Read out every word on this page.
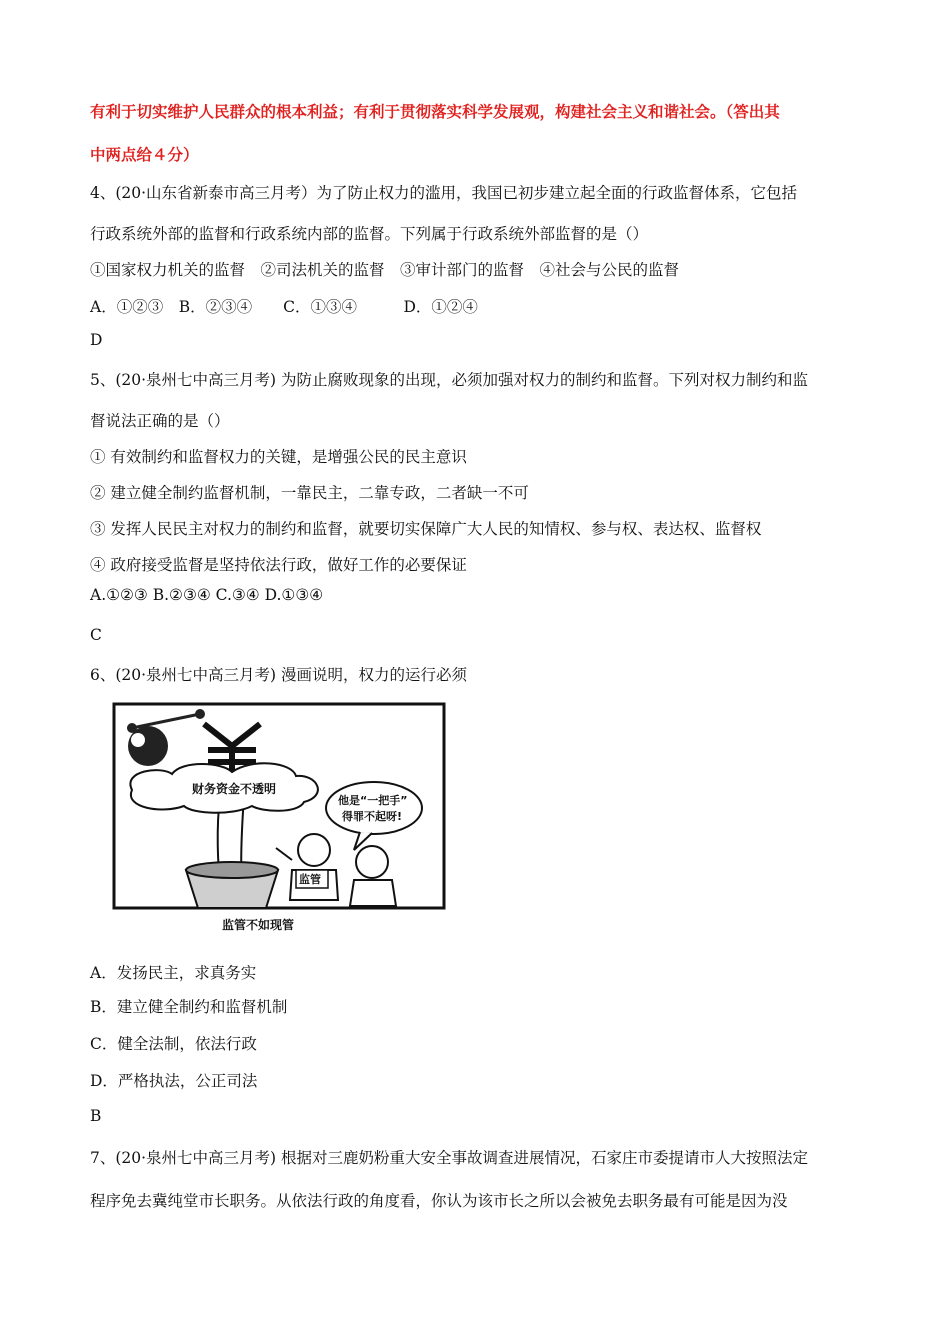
有利于切实维护人民群众的根本利益；有利于贯彻落实科学发展观，构建社会主义和谐社会。（答出其
中两点给４分）
4、(20·山东省新泰市高三月考）为了防止权力的滥用，我国已初步建立起全面的行政监督体系，它包括
行政系统外部的监督和行政系统内部的监督。下列属于行政系统外部监督的是（）
①国家权力机关的监督　②司法机关的监督　③审计部门的监督　④社会与公民的监督
A．①②③　B．②③④　　C．①③④　　　D．①②④
D
5、(20·泉州七中高三月考) 为防止腐败现象的出现，必须加强对权力的制约和监督。下列对权力制约和监
督说法正确的是（）
① 有效制约和监督权力的关键，是增强公民的民主意识
② 建立健全制约监督机制，一靠民主，二靠专政，二者缺一不可
③ 发挥人民民主对权力的制约和监督，就要切实保障广大人民的知情权、参与权、表达权、监督权
④ 政府接受监督是坚持依法行政，做好工作的必要保证
A.①②③ B.②③④ C.③④ D.①③④
C
6、(20·泉州七中高三月考) 漫画说明，权力的运行必须
财务资金不透明
他是“一把手”
得罪不起呀!
监管
监管不如现管
A．发扬民主，求真务实
B．建立健全制约和监督机制
C．健全法制，依法行政
D．严格执法，公正司法
B
7、(20·泉州七中高三月考) 根据对三鹿奶粉重大安全事故调查进展情况，石家庄市委提请市人大按照法定
程序免去冀纯堂市长职务。从依法行政的角度看，你认为该市长之所以会被免去职务最有可能是因为没
